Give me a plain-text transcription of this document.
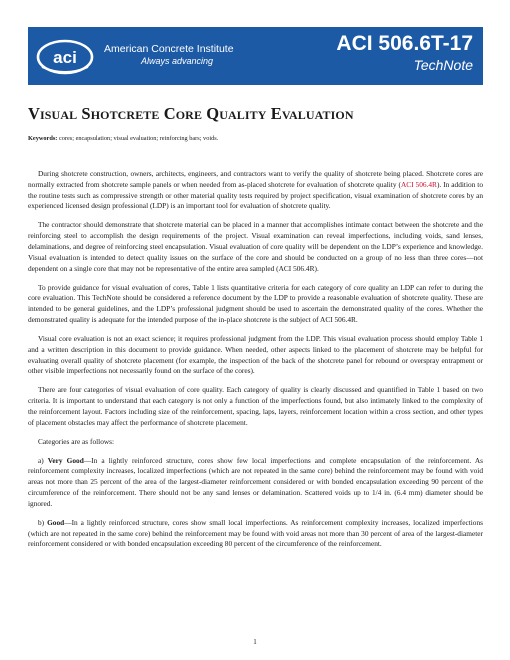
aci	American Concrete Institute
Always advancing
ACI 506.6T-17
TechNote
Visual Shotcrete Core Quality Evaluation
Keywords: cores; encapsulation; visual evaluation; reinforcing bars; voids.

During shotcrete construction, owners, architects, engineers, and contractors want to verify the quality of shotcrete being placed. Shotcrete cores are normally extracted from shotcrete sample panels or when needed from as-placed shotcrete for evaluation of shotcrete quality (ACI 506.4R). In addition to the routine tests such as compressive strength or other material quality tests required by project specification, visual examination of shotcrete cores by an experienced licensed design professional (LDP) is an important tool for evaluation of shotcrete quality.

The contractor should demonstrate that shotcrete material can be placed in a manner that accomplishes intimate contact between the shotcrete and the reinforcing steel to accomplish the design requirements of the project. Visual examination can reveal imperfections, including voids, sand lenses, delaminations, and degree of reinforcing steel encapsulation. Visual evaluation of core quality will be dependent on the LDP’s experience and knowledge. Visual evaluation is intended to detect quality issues on the surface of the core and should be conducted on a group of no less than three cores—not dependent on a single core that may not be representative of the entire area sampled (ACI 506.4R).

To provide guidance for visual evaluation of cores, Table 1 lists quantitative criteria for each category of core quality an LDP can refer to during the core evaluation. This TechNote should be considered a reference document by the LDP to provide a reasonable evaluation of shotcrete quality. These are intended to be general guidelines, and the LDP’s professional judgment should be used to ascertain the demonstrated quality of the cores. Whether the demonstrated quality is adequate for the intended purpose of the in-place shotcrete is the subject of ACI 506.4R.

Visual core evaluation is not an exact science; it requires professional judgment from the LDP. This visual evaluation process should employ Table 1 and a written description in this document to provide guidance. When needed, other aspects linked to the placement of shotcrete may be helpful for evaluating overall quality of shotcrete placement (for example, the inspection of the back of the shotcrete panel for rebound or overspray entrapment or other visible imperfections not necessarily found on the surface of the cores).

There are four categories of visual evaluation of core quality. Each category of quality is clearly discussed and quantified in Table 1 based on two criteria. It is important to understand that each category is not only a function of the imperfections found, but also intimately linked to the complexity of the reinforcement layout. Factors including size of the reinforcement, spacing, laps, layers, reinforcement location within a cross section, and other types of placement obstacles may affect the performance of shotcrete placement.

Categories are as follows:

a) Very Good—In a lightly reinforced structure, cores show few local imperfections and complete encapsulation of the reinforcement. As reinforcement complexity increases, localized imperfections (which are not repeated in the same core) behind the reinforcement may be found with void areas not more than 25 percent of the area of the largest-diameter reinforcement considered or with bonded encapsulation exceeding 90 percent of the circumference of the reinforcement. There should not be any sand lenses or delamination. Scattered voids up to 1/4 in. (6.4 mm) diameter should be ignored.

b) Good—In a lightly reinforced structure, cores show small local imperfections. As reinforcement complexity increases, localized imperfections (which are not repeated in the same core) behind the reinforcement may be found with void areas not more than 30 percent of area of the largest-diameter reinforcement considered or with bonded encapsulation exceeding 80 percent of the circumference of the reinforcement.

1
